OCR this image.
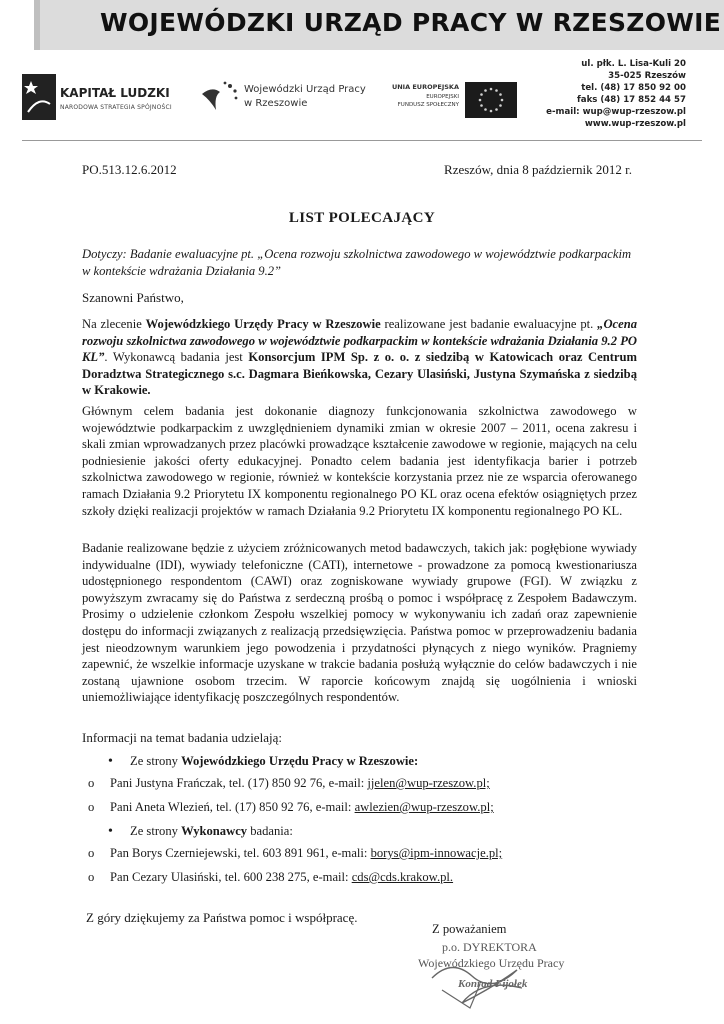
WOJEWÓDZKI URZĄD PRACY W RZESZOWIE
KAPITAŁ LUDZKI
NARODOWA STRATEGIA SPÓJNOŚCI
Wojewódzki Urząd Pracy
w Rzeszowie
UNIA EUROPEJSKA
EUROPEJSKI
FUNDUSZ SPOŁECZNY
ul. płk. L. Lisa-Kuli 20
35-025 Rzeszów
tel. (48) 17 850 92 00
faks (48) 17 852 44 57
e-mail: wup@wup-rzeszow.pl
www.wup-rzeszow.pl
PO.513.12.6.2012	Rzeszów, dnia 8 październik 2012 r.
LIST POLECAJĄCY
Dotyczy: Badanie ewaluacyjne pt. „Ocena rozwoju szkolnictwa zawodowego w województwie podkarpackim w kontekście wdrażania Działania 9.2”
Szanowni Państwo,
Na zlecenie Wojewódzkiego Urzędy Pracy w Rzeszowie realizowane jest badanie ewaluacyjne pt. „Ocena rozwoju szkolnictwa zawodowego w województwie podkarpackim w kontekście wdrażania Działania 9.2 PO KL”. Wykonawcą badania jest Konsorcjum IPM Sp. z o. o. z siedzibą w Katowicach oraz Centrum Doradztwa Strategicznego s.c. Dagmara Bieńkowska, Cezary Ulasiński, Justyna Szymańska z siedzibą w Krakowie.
Głównym celem badania jest dokonanie diagnozy funkcjonowania szkolnictwa zawodowego w województwie podkarpackim z uwzględnieniem dynamiki zmian w okresie 2007 – 2011, ocena zakresu i skali zmian wprowadzanych przez placówki prowadzące kształcenie zawodowe w regionie, mających na celu podniesienie jakości oferty edukacyjnej. Ponadto celem badania jest identyfikacja barier i potrzeb szkolnictwa zawodowego w regionie, również w kontekście korzystania przez nie ze wsparcia oferowanego ramach Działania 9.2 Priorytetu IX komponentu regionalnego PO KL oraz ocena efektów osiągniętych przez szkoły dzięki realizacji projektów w ramach Działania 9.2 Priorytetu IX komponentu regionalnego PO KL.
Badanie realizowane będzie z użyciem zróżnicowanych metod badawczych, takich jak: pogłębione wywiady indywidualne (IDI), wywiady telefoniczne (CATI), internetowe - prowadzone za pomocą kwestionariusza udostępnionego respondentom (CAWI) oraz zogniskowane wywiady grupowe (FGI). W związku z powyższym zwracamy się do Państwa z serdeczną prośbą o pomoc i współpracę z Zespołem Badawczym. Prosimy o udzielenie członkom Zespołu wszelkiej pomocy w wykonywaniu ich zadań oraz zapewnienie dostępu do informacji związanych z realizacją przedsięwzięcia. Państwa pomoc w przeprowadzeniu badania jest nieodzownym warunkiem jego powodzenia i przydatności płynących z niego wyników. Pragniemy zapewnić, że wszelkie informacje uzyskane w trakcie badania posłużą wyłącznie do celów badawczych i nie zostaną ujawnione osobom trzecim. W raporcie końcowym znajdą się uogólnienia i wnioski uniemożliwiające identyfikację poszczególnych respondentów.
Informacji na temat badania udzielają:
• Ze strony Wojewódzkiego Urzędu Pracy w Rzeszowie:
o Pani Justyna Frańczak, tel. (17) 850 92 76, e-mail: jjelen@wup-rzeszow.pl;
o Pani Aneta Wlezień, tel. (17) 850 92 76, e-mail: awlezien@wup-rzeszow.pl;
• Ze strony Wykonawcy badania:
o Pan Borys Czerniejewski, tel. 603 891 961, e-mali: borys@ipm-innowacje.pl;
o Pan Cezary Ulasiński, tel. 600 238 275, e-mail: cds@cds.krakow.pl.
Z góry dziękujemy za Państwa pomoc i współpracę.
Z poważaniem
p.o. DYREKTORA
Wojewódzkiego Urzędu Pracy
Konrad Fijołek
